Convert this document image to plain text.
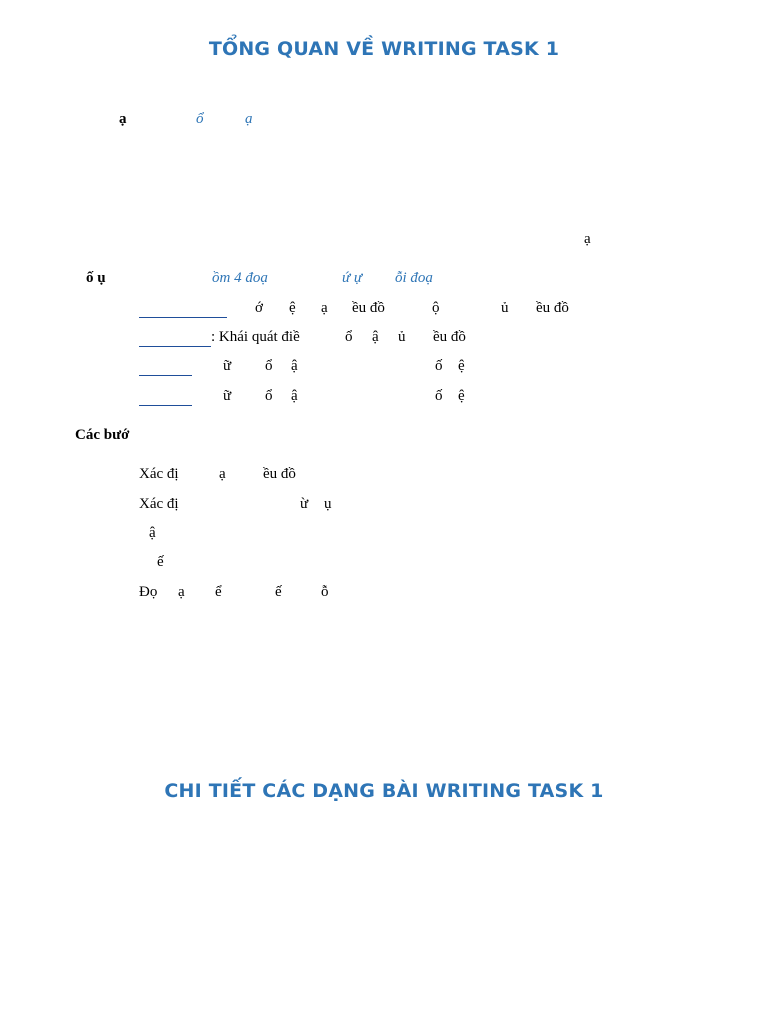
TỔNG QUAN VỀ WRITING TASK 1
ạ	ổ	ạ
ạ
ố ụ	ồm 4 đoạ	ứ ự ỗi đoạ
ớ ệ ạ ều đồ	ộ	ủ ều đồ
: Khái quát điề	ổ ậ ủ ều đồ
ữ ổ ậ	ố ệ
ữ ổ ậ	ố ệ
Các bướ
Xác đị	ạ ều đồ
Xác đị	ừ ụ
ậ
ế
Đọ ạ ể	ế	ỗ
CHI TIẾT CÁC DẠNG BÀI WRITING TASK 1
